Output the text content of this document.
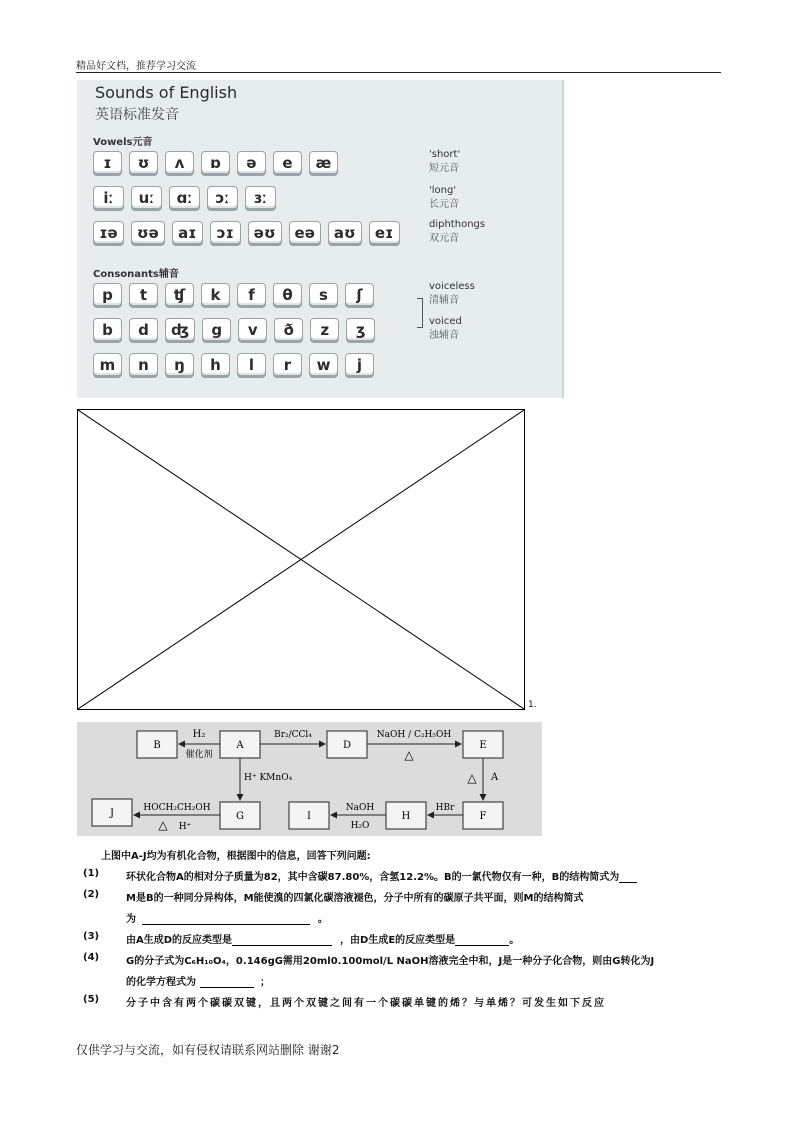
精品好文档，推荐学习交流
Sounds of English
英语标准发音
Vowels元音
ɪ	ʊ	ʌ	ɒ	ə	e	æ
iː	uː	ɑː	ɔː	ɜː
ɪə	ʊə	aɪ	ɔɪ	əʊ	eə	aʊ	eɪ
'short'
短元音
'long'
长元音
diphthongs
双元音
Consonants辅音
p	t	ʧ	k	f	θ	s	ʃ
b	d	ʤ	g	v	ð	z	ʒ
m	n	ŋ	h	l	r	w	j
voiceless
清辅音
voiced
浊辅音
1.
B	A	D	E
J	G	I	H	F
H₂
催化剂
Br₂/CCl₄	NaOH / C₂H₅OH
△
H⁺ KMnO₄	△ A
HBr
NaOH
H₂O
HOCH₂CH₂OH
△ H⁺
上图中A-J均为有机化合物，根据图中的信息，回答下列问题:
(1)	环状化合物A的相对分子质量为82，其中含碳87.80%，含氢12.2%。B的一氯代物仅有一种，B的结构简式为
(2)	M是B的一种同分异构体，M能使溴的四氯化碳溶液褪色，分子中所有的碳原子共平面，则M的结构简式
为	。
(3)	由A生成D的反应类型是	，由D生成E的反应类型是	。
(4)	G的分子式为C₆H₁₀O₄，0.146gG需用20ml0.100mol/L NaOH溶液完全中和，J是一种分子化合物，则由G转化为J
的化学方程式为	；
(5)	分子中含有两个碳碳双键，且两个双键之间有一个碳碳单键的烯？与单烯？可发生如下反应
仅供学习与交流，如有侵权请联系网站删除 谢谢2
